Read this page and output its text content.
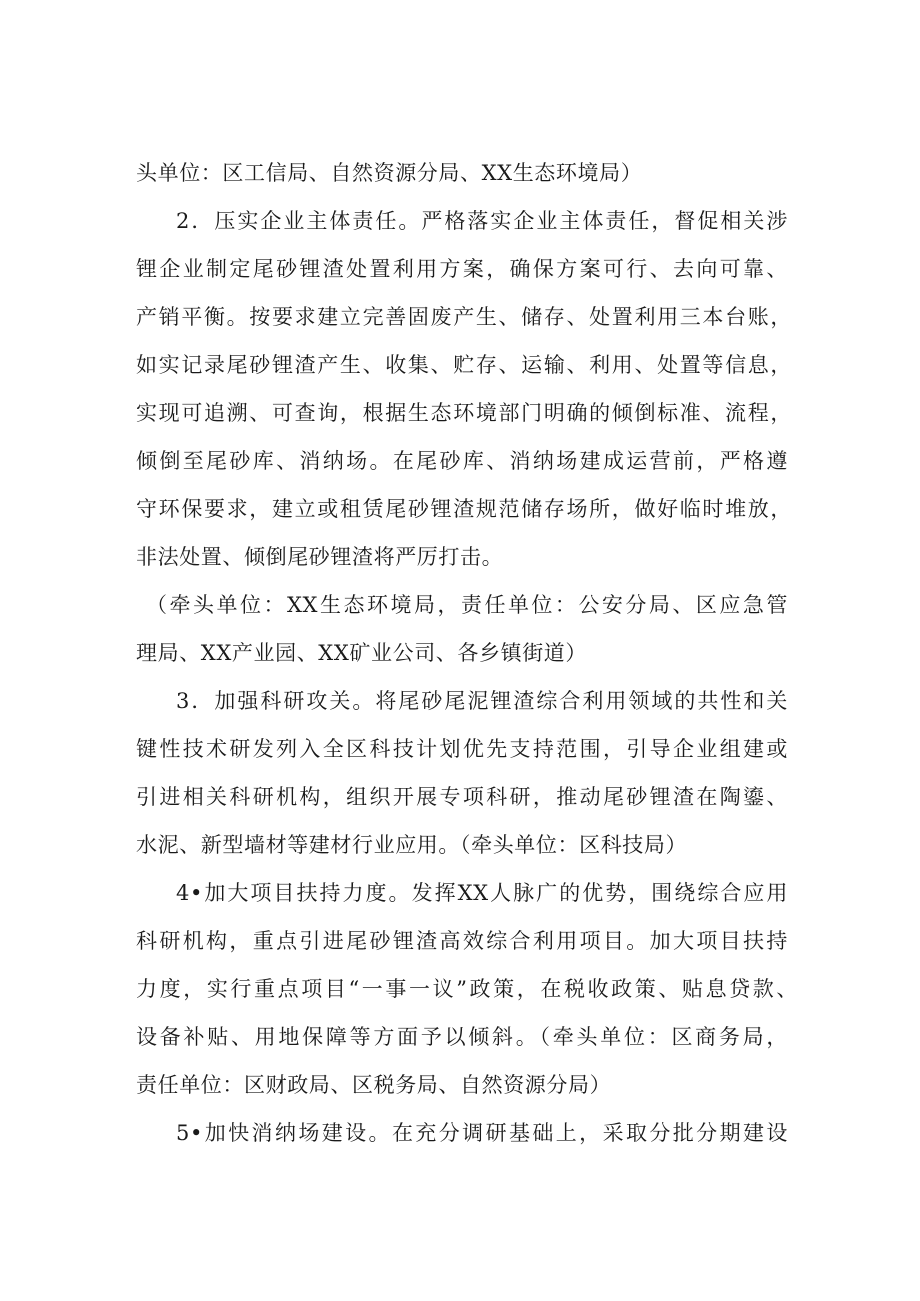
头单位：区工信局、自然资源分局、XX生态环境局）
2．压实企业主体责任。严格落实企业主体责任，督促相关涉
锂企业制定尾砂锂渣处置利用方案，确保方案可行、去向可靠、
产销平衡。按要求建立完善固废产生、储存、处置利用三本台账，
如实记录尾砂锂渣产生、收集、贮存、运输、利用、处置等信息，
实现可追溯、可查询，根据生态环境部门明确的倾倒标准、流程，
倾倒至尾砂库、消纳场。在尾砂库、消纳场建成运营前，严格遵
守环保要求，建立或租赁尾砂锂渣规范储存场所，做好临时堆放，
非法处置、倾倒尾砂锂渣将严厉打击。
（牵头单位：XX生态环境局，责任单位：公安分局、区应急管
理局、XX产业园、XX矿业公司、各乡镇街道）
3．加强科研攻关。将尾砂尾泥锂渣综合利用领域的共性和关
键性技术研发列入全区科技计划优先支持范围，引导企业组建或
引进相关科研机构，组织开展专项科研，推动尾砂锂渣在陶鎏、
水泥、新型墙材等建材行业应用。（牵头单位：区科技局）
4•加大项目扶持力度。发挥XX人脉广的优势，围绕综合应用
科研机构，重点引进尾砂锂渣高效综合利用项目。加大项目扶持
力度，实行重点项目“一事一议”政策，在税收政策、贴息贷款、
设备补贴、用地保障等方面予以倾斜。（牵头单位：区商务局，
责任单位：区财政局、区税务局、自然资源分局）
5•加快消纳场建设。在充分调研基础上，采取分批分期建设
